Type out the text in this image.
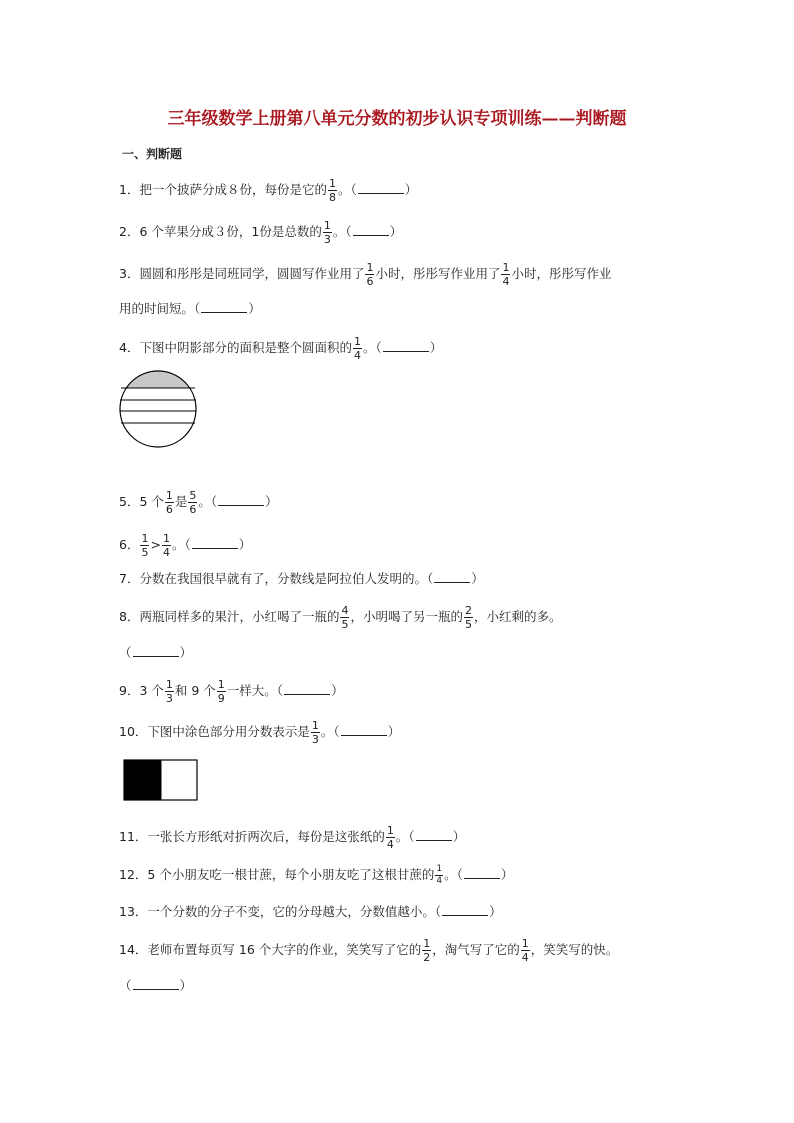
三年级数学上册第八单元分数的初步认识专项训练——判断题
一、判断题
1．把一个披萨分成８份，每份是它的 $\frac{1}{8}$ 。（	）
2．6 个苹果分成３份，1份是总数的 $\frac{1}{3}$ 。（	）
3．圆圆和彤彤是同班同学，圆圆写作业用了 $\frac{1}{6}$ 小时，彤彤写作业用了 $\frac{1}{4}$ 小时，彤彤写作业
用的时间短。（	）
4．下图中阴影部分的面积是整个圆面积的 $\frac{1}{4}$ 。（	）
5．5 个 $\frac{1}{6}$ 是 $\frac{5}{6}$ 。（	）
6． $\frac{1}{5} > \frac{1}{4}$ 。（	）
7．分数在我国很早就有了，分数线是阿拉伯人发明的。（	）
8．两瓶同样多的果汁，小红喝了一瓶的 $\frac{4}{5}$ ，小明喝了另一瓶的 $\frac{2}{5}$ ，小红剩的多。
（	）
9．3 个 $\frac{1}{3}$ 和 9 个 $\frac{1}{9}$ 一样大。（	）
10．下图中涂色部分用分数表示是 $\frac{1}{3}$ 。（	）
11．一张长方形纸对折两次后，每份是这张纸的 $\frac{1}{4}$ 。（	）
12．5 个小朋友吃一根甘蔗，每个小朋友吃了这根甘蔗的 $\frac{1}{4}$ 。（	）
13．一个分数的分子不变，它的分母越大，分数值越小。（	）
14．老师布置每页写 16 个大字的作业，笑笑写了它的 $\frac{1}{2}$ ，淘气写了它的 $\frac{1}{4}$ ，笑笑写的快。
（	）
